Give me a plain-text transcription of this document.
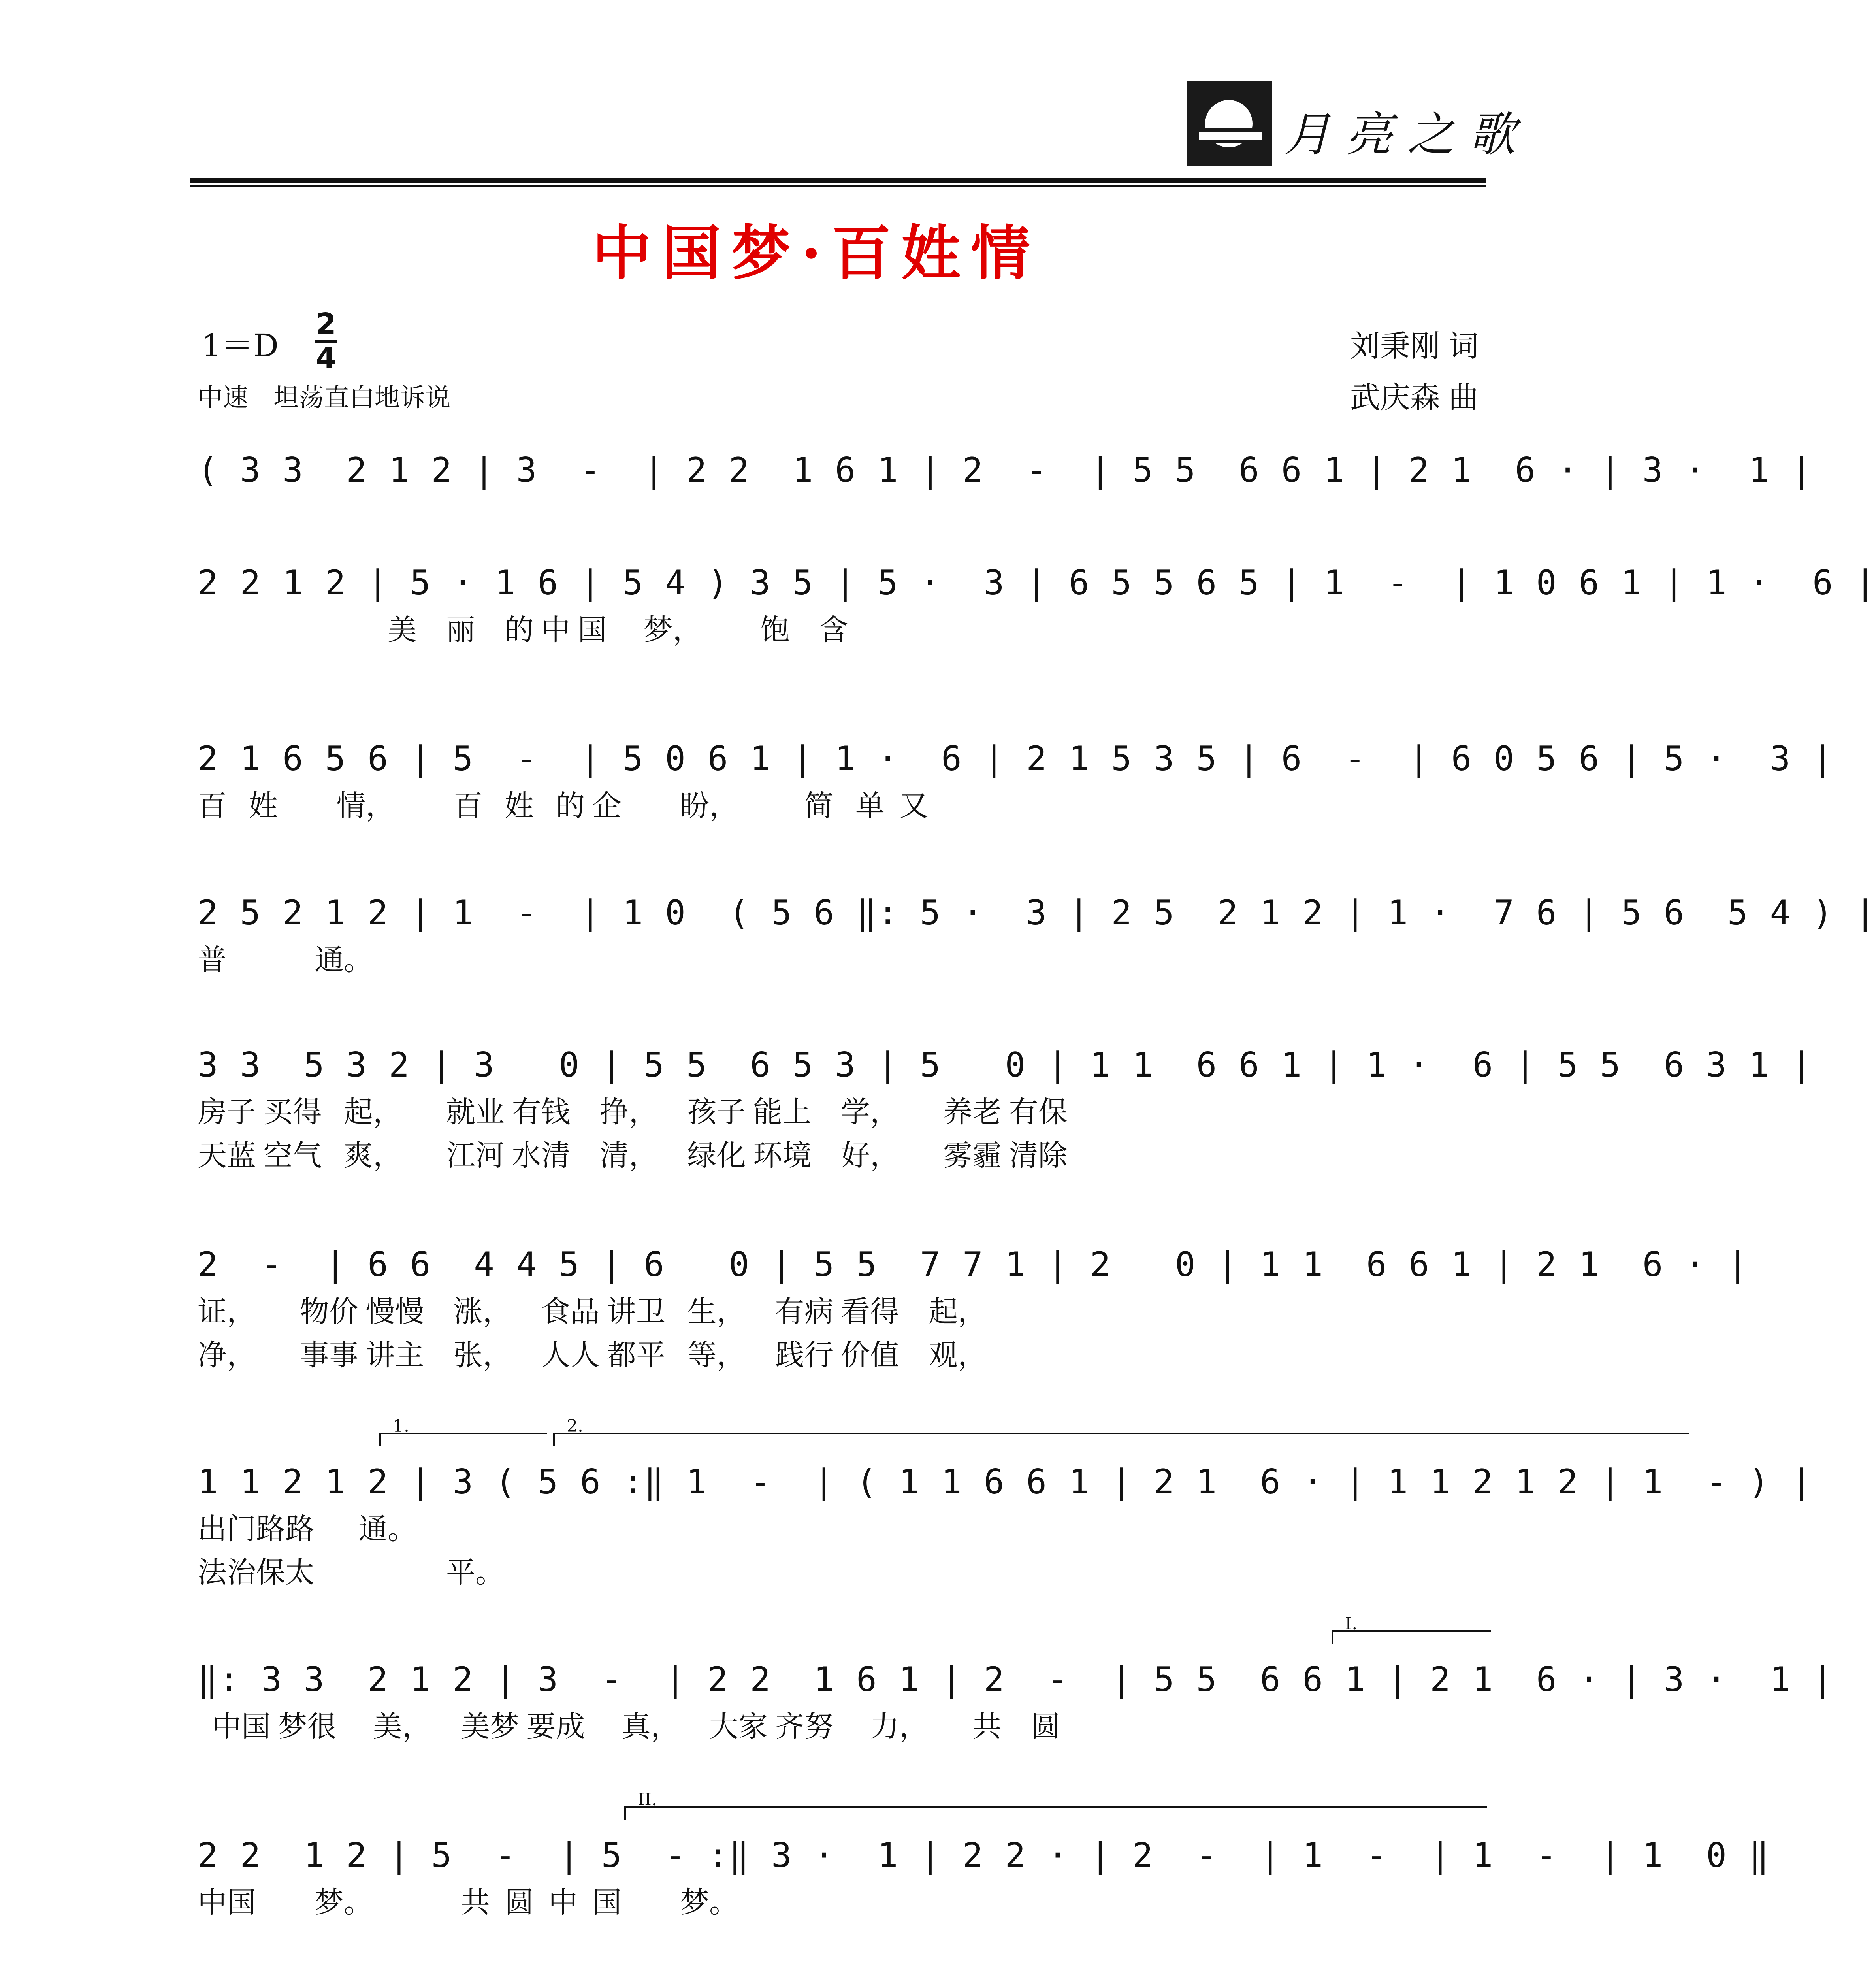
月亮之歌
中国梦·百姓情
1＝D
2
4
中速　坦荡直白地诉说
刘秉刚 词
武庆森 曲
( 3 3  2 1 2 | 3  -  | 2 2  1 6 1 | 2  -  | 5 5  6 6 1 | 2 1  6 · | 3 ·  1 |
2 2 1 2 | 5 · 1 6 | 5 4 ) 3 5 | 5 ·  3 | 6 5 5 6 5 | 1  -  | 1 0 6 1 | 1 ·  6 |
美    丽    的 中 国     梦，        饱    含
2 1 6 5 6 | 5  -  | 5 0 6 1 | 1 ·  6 | 2 1 5 3 5 | 6  -  | 6 0 5 6 | 5 ·  3 |
百   姓        情，        百   姓   的 企        盼，         简   单  又
2 5 2 1 2 | 1  -  | 1 0  ( 5 6 ‖: 5 ·  3 | 2 5  2 1 2 | 1 ·  7 6 | 5 6  5 4 ) |
普            通。
3 3  5 3 2 | 3   0 | 5 5  6 5 3 | 5   0 | 1 1  6 6 1 | 1 ·  6 | 5 5  6 3 1 |
房子 买得   起，      就业 有钱    挣，    孩子 能上    学，      养老 有保
天蓝 空气   爽，      江河 水清    清，    绿化 环境    好，      雾霾 清除
2  -  | 6 6  4 4 5 | 6   0 | 5 5  7 7 1 | 2   0 | 1 1  6 6 1 | 2 1  6 · |
证，      物价 慢慢    涨，    食品 讲卫   生，    有病 看得    起，
净，      事事 讲主    张，    人人 都平   等，    践行 价值    观，
1.	2.
1 1 2 1 2 | 3 ( 5 6 :‖ 1  -  | ( 1 1 6 6 1 | 2 1  6 · | 1 1 2 1 2 | 1  - ) |
出门路路      通。
法治保太                  平。
I.
‖: 3 3  2 1 2 | 3  -  | 2 2  1 6 1 | 2  -  | 5 5  6 6 1 | 2 1  6 · | 3 ·  1 |
中国 梦很     美，    美梦 要成     真，    大家 齐努     力，      共    圆
II.
2 2  1 2 | 5  -  | 5  - :‖ 3 ·  1 | 2 2 · | 2  -  | 1  -  | 1  -  | 1  0 ‖
中国        梦。            共  圆  中  国        梦。
